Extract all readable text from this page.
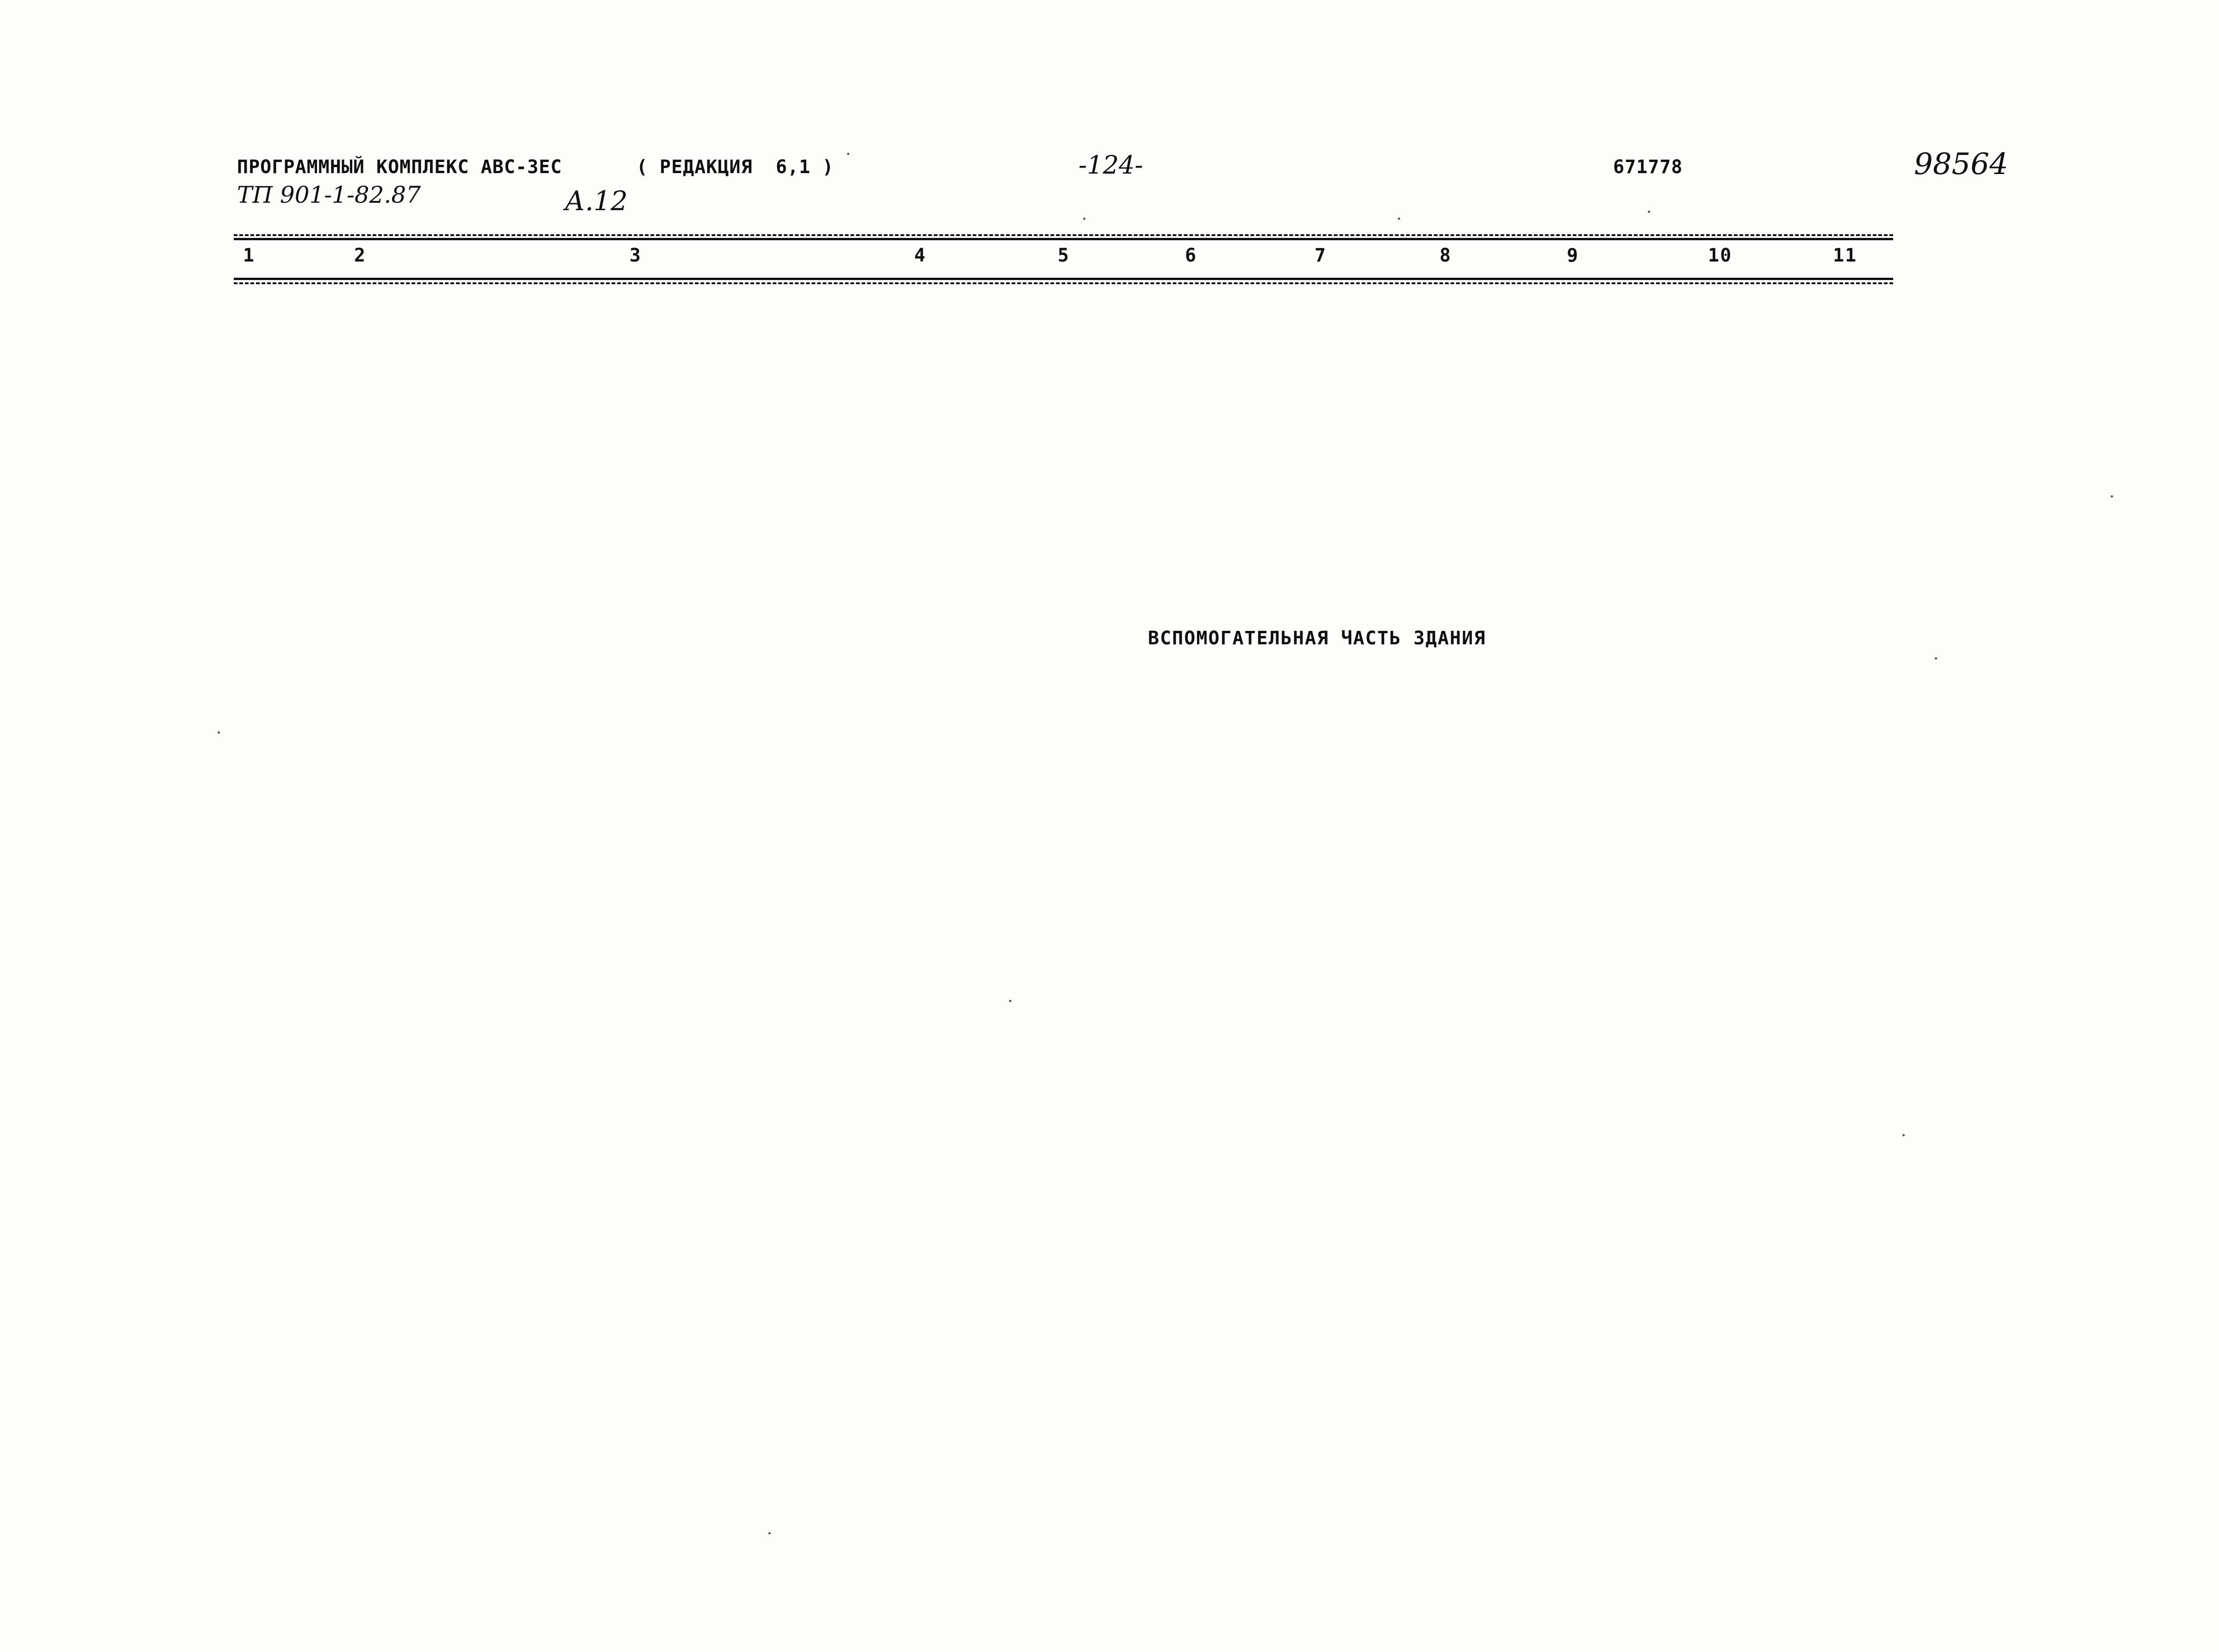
ПРОГРАММНЫЙ КОМПЛЕКС АВС-3ЕС	( РЕДАКЦИЯ  6,1 )	-124-	671778
ТП 901-1-82.87	А.12
98564
1	2	3	4	5	6	7	8	9	10	11
ВСПОМОГАТЕЛЬНАЯ ЧАСТЬ ЗДАНИЯ
